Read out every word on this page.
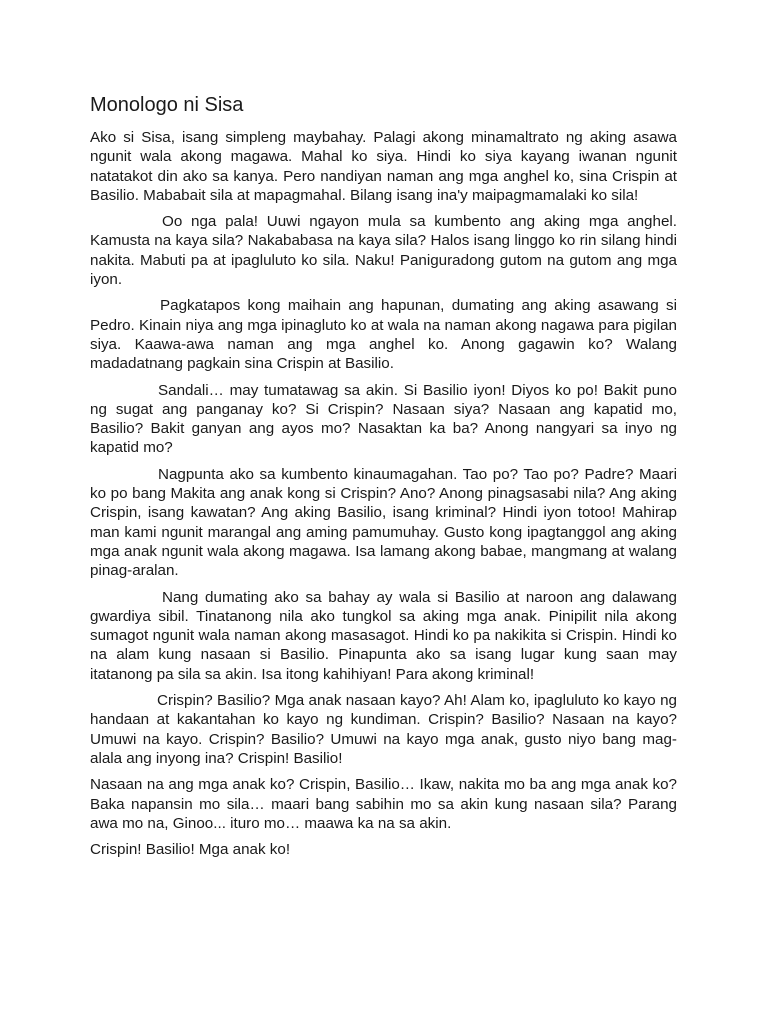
Monologo ni Sisa

Ako si Sisa, isang simpleng maybahay. Palagi akong minamaltrato ng aking asawa ngunit wala akong magawa. Mahal ko siya. Hindi ko siya kayang iwanan ngunit natatakot din ako sa kanya. Pero nandiyan naman ang mga anghel ko, sina Crispin at Basilio. Mababait sila at mapagmahal. Bilang isang ina'y maipagmamalaki ko sila!

Oo nga pala! Uuwi ngayon mula sa kumbento ang aking mga anghel. Kamusta na kaya sila? Nakababasa na kaya sila? Halos isang linggo ko rin silang hindi nakita. Mabuti pa at ipagluluto ko sila. Naku! Paniguradong gutom na gutom ang mga iyon.

Pagkatapos kong maihain ang hapunan, dumating ang aking asawang si Pedro. Kinain niya ang mga ipinagluto ko at wala na naman akong nagawa para pigilan siya. Kaawa-awa naman ang mga anghel ko. Anong gagawin ko? Walang madadatnang pagkain sina Crispin at Basilio.

Sandali… may tumatawag sa akin. Si Basilio iyon! Diyos ko po! Bakit puno ng sugat ang panganay ko? Si Crispin? Nasaan siya? Nasaan ang kapatid mo, Basilio? Bakit ganyan ang ayos mo? Nasaktan ka ba? Anong nangyari sa inyo ng kapatid mo?

Nagpunta ako sa kumbento kinaumagahan. Tao po? Tao po? Padre? Maari ko po bang Makita ang anak kong si Crispin? Ano? Anong pinagsasabi nila? Ang aking Crispin, isang kawatan? Ang aking Basilio, isang kriminal? Hindi iyon totoo! Mahirap man kami ngunit marangal ang aming pamumuhay. Gusto kong ipagtanggol ang aking mga anak ngunit wala akong magawa. Isa lamang akong babae, mangmang at walang pinag-aralan.

Nang dumating ako sa bahay ay wala si Basilio at naroon ang dalawang gwardiya sibil. Tinatanong nila ako tungkol sa aking mga anak. Pinipilit nila akong sumagot ngunit wala naman akong masasagot. Hindi ko pa nakikita si Crispin. Hindi ko na alam kung nasaan si Basilio. Pinapunta ako sa isang lugar kung saan may itatanong pa sila sa akin. Isa itong kahihiyan! Para akong kriminal!

Crispin? Basilio? Mga anak nasaan kayo? Ah! Alam ko, ipagluluto ko kayo ng handaan at kakantahan ko kayo ng kundiman. Crispin? Basilio? Nasaan na kayo? Umuwi na kayo. Crispin? Basilio? Umuwi na kayo mga anak, gusto niyo bang mag-alala ang inyong ina? Crispin! Basilio!

Nasaan na ang mga anak ko? Crispin, Basilio… Ikaw, nakita mo ba ang mga anak ko? Baka napansin mo sila… maari bang sabihin mo sa akin kung nasaan sila? Parang awa mo na, Ginoo... ituro mo… maawa ka na sa akin.

Crispin! Basilio! Mga anak ko!
